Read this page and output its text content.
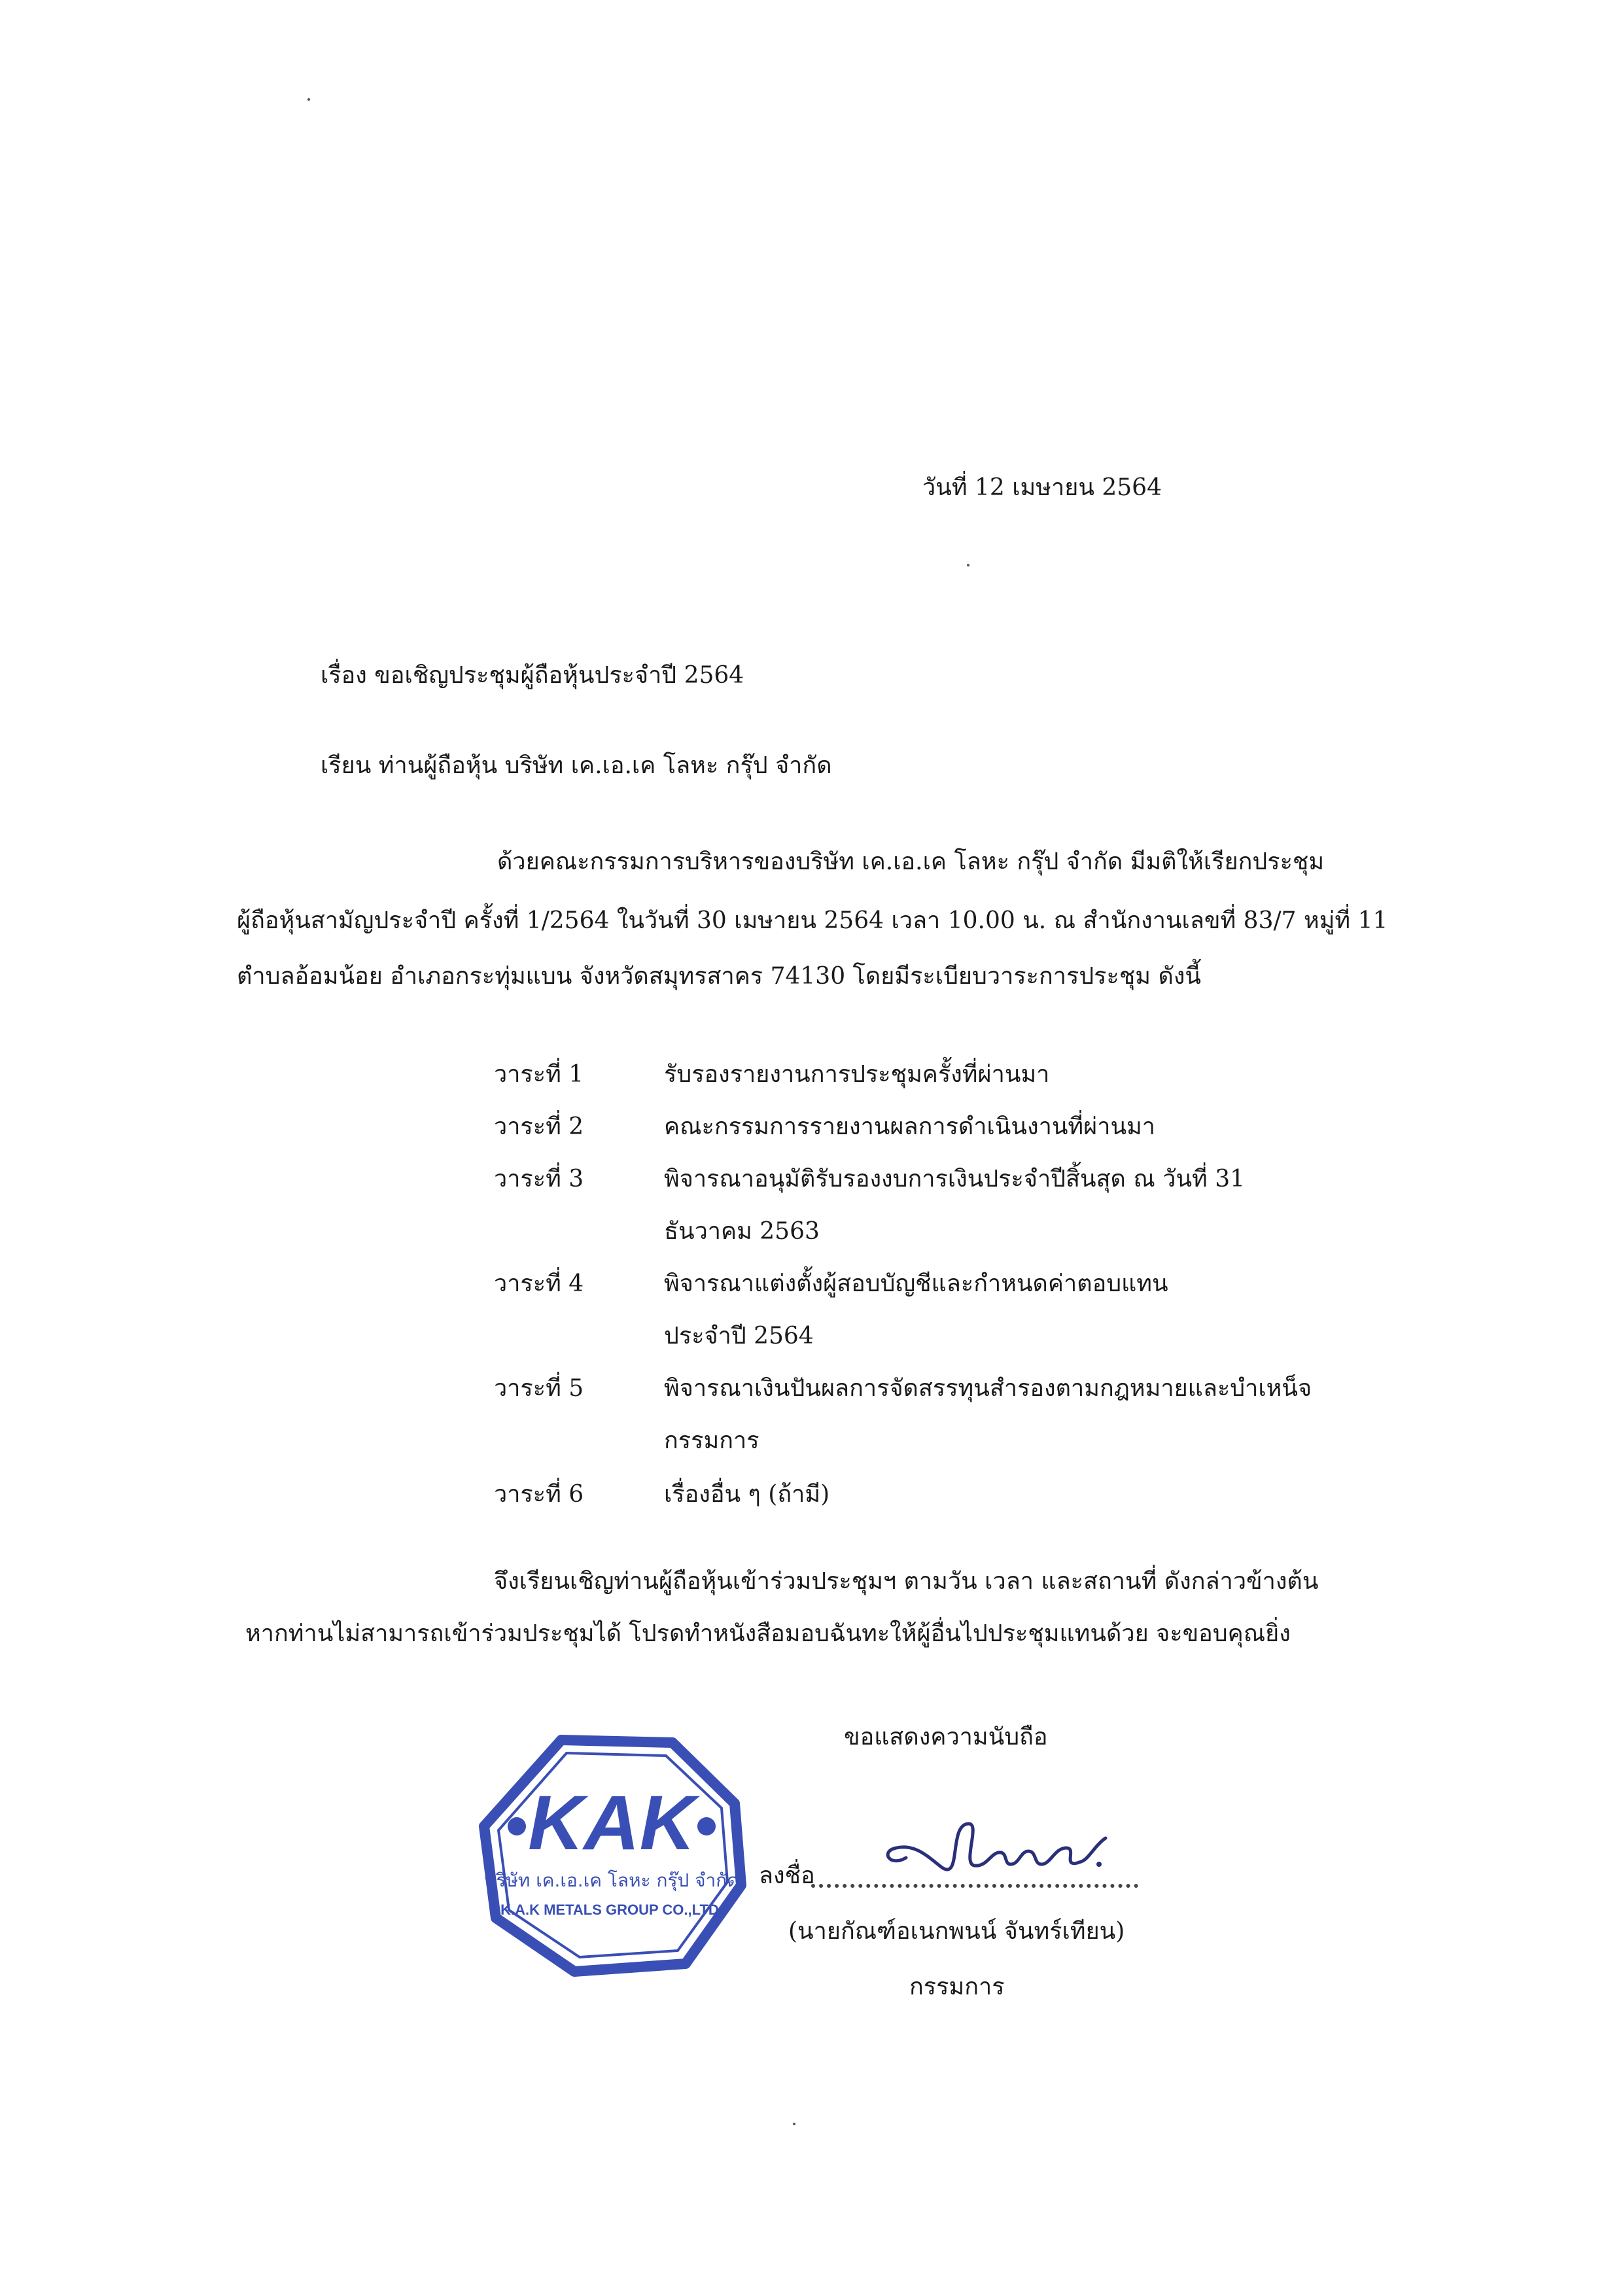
วันที่ 12 เมษายน 2564
เรื่อง ขอเชิญประชุมผู้ถือหุ้นประจำปี 2564
เรียน ท่านผู้ถือหุ้น บริษัท เค.เอ.เค โลหะ กรุ๊ป จำกัด
ด้วยคณะกรรมการบริหารของบริษัท เค.เอ.เค โลหะ กรุ๊ป จำกัด มีมติให้เรียกประชุม
ผู้ถือหุ้นสามัญประจำปี ครั้งที่ 1/2564 ในวันที่ 30 เมษายน 2564 เวลา 10.00 น. ณ สำนักงานเลขที่ 83/7 หมู่ที่ 11
ตำบลอ้อมน้อย อำเภอกระทุ่มแบน จังหวัดสมุทรสาคร 74130 โดยมีระเบียบวาระการประชุม ดังนี้
วาระที่ 1	รับรองรายงานการประชุมครั้งที่ผ่านมา
วาระที่ 2	คณะกรรมการรายงานผลการดำเนินงานที่ผ่านมา
วาระที่ 3	พิจารณาอนุมัติรับรองงบการเงินประจำปีสิ้นสุด ณ วันที่ 31
ธันวาคม 2563
วาระที่ 4	พิจารณาแต่งตั้งผู้สอบบัญชีและกำหนดค่าตอบแทน
ประจำปี 2564
วาระที่ 5	พิจารณาเงินปันผลการจัดสรรทุนสำรองตามกฎหมายและบำเหน็จ
กรรมการ
วาระที่ 6	เรื่องอื่น ๆ (ถ้ามี)
จึงเรียนเชิญท่านผู้ถือหุ้นเข้าร่วมประชุมฯ ตามวัน เวลา และสถานที่ ดังกล่าวข้างต้น
หากท่านไม่สามารถเข้าร่วมประชุมได้ โปรดทำหนังสือมอบฉันทะให้ผู้อื่นไปประชุมแทนด้วย จะขอบคุณยิ่ง
ขอแสดงความนับถือ
KAK
บริษัท เค.เอ.เค โลหะ กรุ๊ป จำกัด
K.A.K METALS GROUP CO.,LTD.
ลงชื่อ
(นายกัณฑ์อเนกพนน์ จันทร์เทียน)
กรรมการ
